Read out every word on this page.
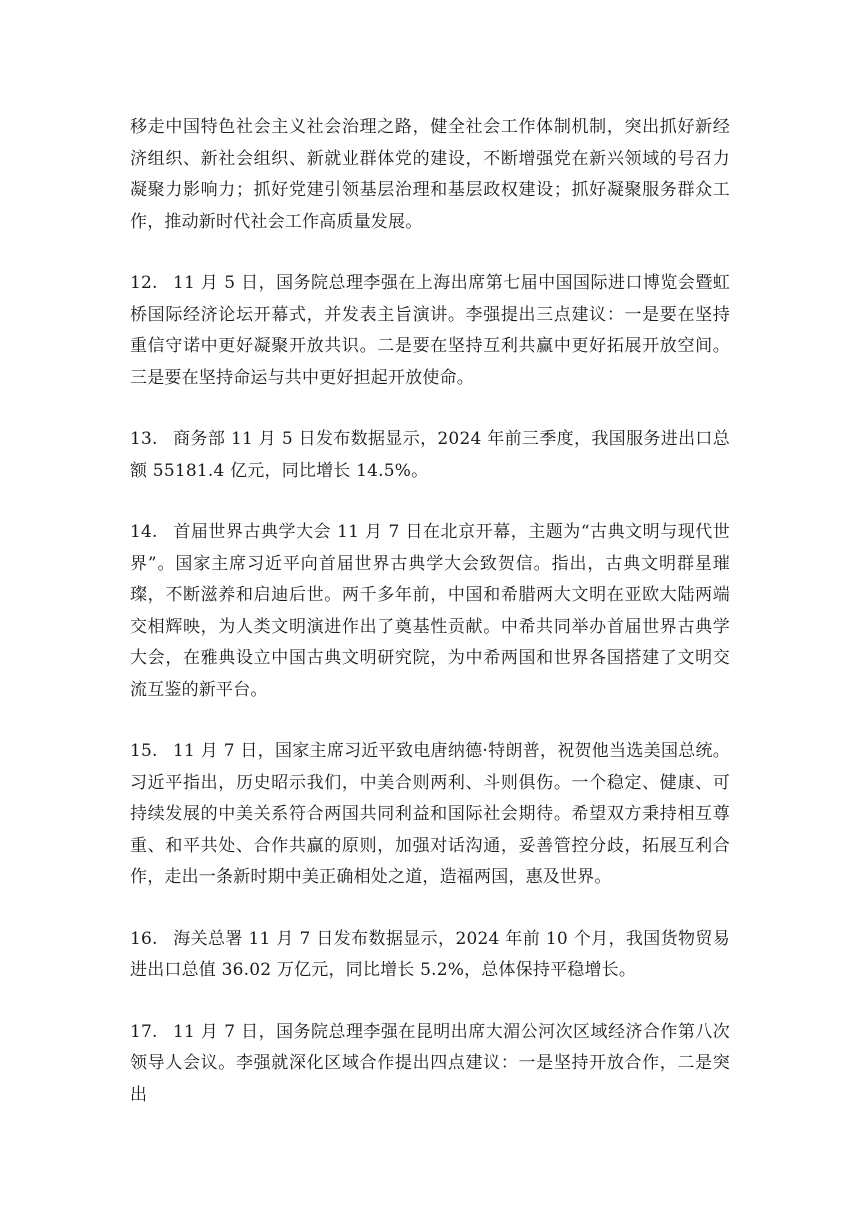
移走中国特色社会主义社会治理之路，健全社会工作体制机制，突出抓好新经济组织、新社会组织、新就业群体党的建设，不断增强党在新兴领域的号召力凝聚力影响力；抓好党建引领基层治理和基层政权建设；抓好凝聚服务群众工作，推动新时代社会工作高质量发展。

12. 11 月 5 日，国务院总理李强在上海出席第七届中国国际进口博览会暨虹桥国际经济论坛开幕式，并发表主旨演讲。李强提出三点建议：一是要在坚持重信守诺中更好凝聚开放共识。二是要在坚持互利共赢中更好拓展开放空间。三是要在坚持命运与共中更好担起开放使命。

13. 商务部 11 月 5 日发布数据显示，2024 年前三季度，我国服务进出口总额 55181.4 亿元，同比增长 14.5%。

14. 首届世界古典学大会 11 月 7 日在北京开幕，主题为“古典文明与现代世界”。国家主席习近平向首届世界古典学大会致贺信。指出，古典文明群星璀璨，不断滋养和启迪后世。两千多年前，中国和希腊两大文明在亚欧大陆两端交相辉映，为人类文明演进作出了奠基性贡献。中希共同举办首届世界古典学大会，在雅典设立中国古典文明研究院，为中希两国和世界各国搭建了文明交流互鉴的新平台。

15. 11 月 7 日，国家主席习近平致电唐纳德·特朗普，祝贺他当选美国总统。习近平指出，历史昭示我们，中美合则两利、斗则俱伤。一个稳定、健康、可持续发展的中美关系符合两国共同利益和国际社会期待。希望双方秉持相互尊重、和平共处、合作共赢的原则，加强对话沟通，妥善管控分歧，拓展互利合作，走出一条新时期中美正确相处之道，造福两国，惠及世界。

16. 海关总署 11 月 7 日发布数据显示，2024 年前 10 个月，我国货物贸易进出口总值 36.02 万亿元，同比增长 5.2%，总体保持平稳增长。

17. 11 月 7 日，国务院总理李强在昆明出席大湄公河次区域经济合作第八次领导人会议。李强就深化区域合作提出四点建议：一是坚持开放合作，二是突出
